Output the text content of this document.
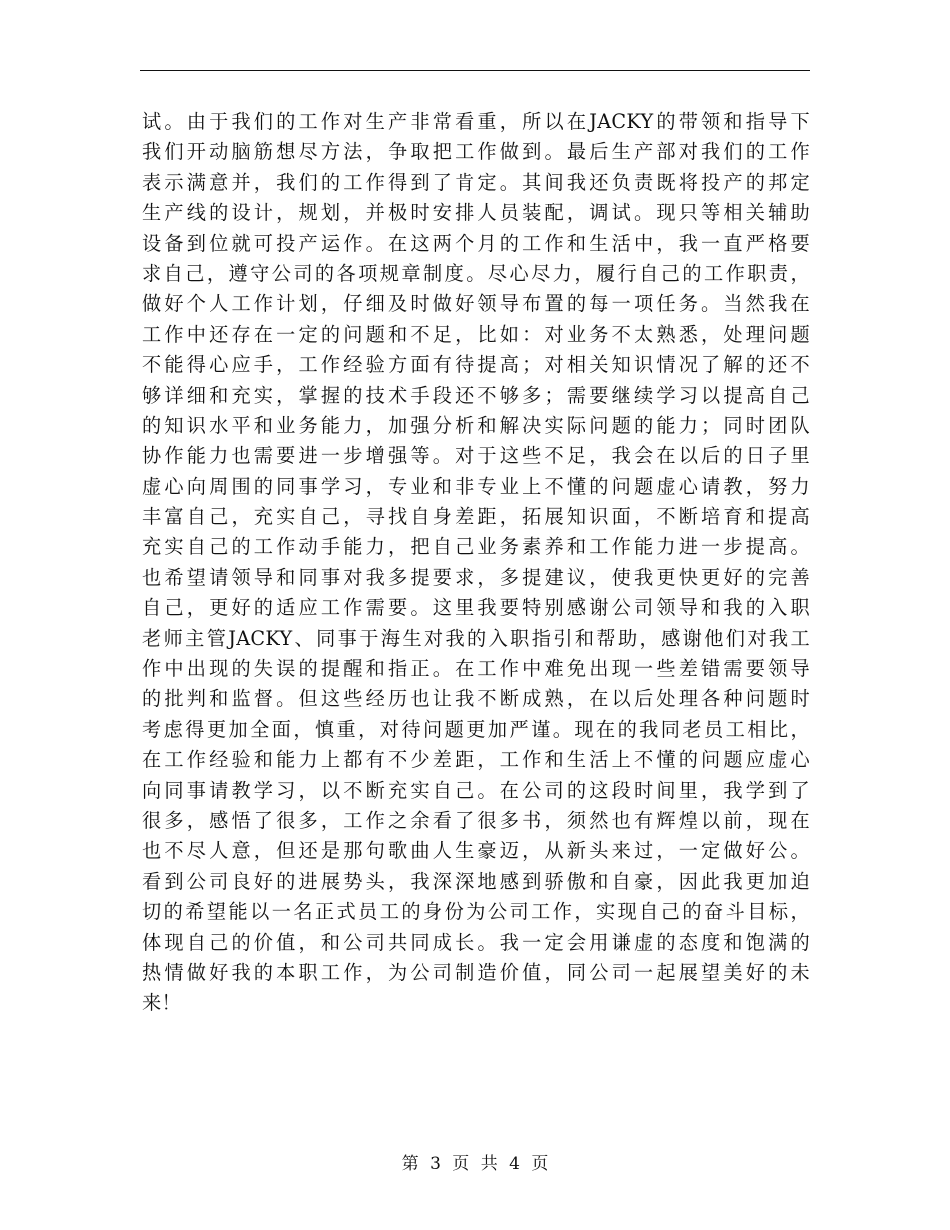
试。由于我们的工作对生产非常看重，所以在JACKY的带领和指导下
我们开动脑筋想尽方法，争取把工作做到。最后生产部对我们的工作
表示满意并，我们的工作得到了肯定。其间我还负责既将投产的邦定
生产线的设计，规划，并极时安排人员装配，调试。现只等相关辅助
设备到位就可投产运作。在这两个月的工作和生活中，我一直严格要
求自己，遵守公司的各项规章制度。尽心尽力，履行自己的工作职责，
做好个人工作计划，仔细及时做好领导布置的每一项任务。当然我在
工作中还存在一定的问题和不足，比如：对业务不太熟悉，处理问题
不能得心应手，工作经验方面有待提高；对相关知识情况了解的还不
够详细和充实，掌握的技术手段还不够多；需要继续学习以提高自己
的知识水平和业务能力，加强分析和解决实际问题的能力；同时团队
协作能力也需要进一步增强等。对于这些不足，我会在以后的日子里
虚心向周围的同事学习，专业和非专业上不懂的问题虚心请教，努力
丰富自己，充实自己，寻找自身差距，拓展知识面，不断培育和提高
充实自己的工作动手能力，把自己业务素养和工作能力进一步提高。
也希望请领导和同事对我多提要求，多提建议，使我更快更好的完善
自己，更好的适应工作需要。这里我要特别感谢公司领导和我的入职
老师主管JACKY、同事于海生对我的入职指引和帮助，感谢他们对我工
作中出现的失误的提醒和指正。在工作中难免出现一些差错需要领导
的批判和监督。但这些经历也让我不断成熟，在以后处理各种问题时
考虑得更加全面，慎重，对待问题更加严谨。现在的我同老员工相比，
在工作经验和能力上都有不少差距，工作和生活上不懂的问题应虚心
向同事请教学习，以不断充实自己。在公司的这段时间里，我学到了
很多，感悟了很多，工作之余看了很多书，须然也有辉煌以前，现在
也不尽人意，但还是那句歌曲人生豪迈，从新头来过，一定做好公。
看到公司良好的进展势头，我深深地感到骄傲和自豪，因此我更加迫
切的希望能以一名正式员工的身份为公司工作，实现自己的奋斗目标，
体现自己的价值，和公司共同成长。我一定会用谦虚的态度和饱满的
热情做好我的本职工作，为公司制造价值，同公司一起展望美好的未
来！
第 3 页 共 4 页
